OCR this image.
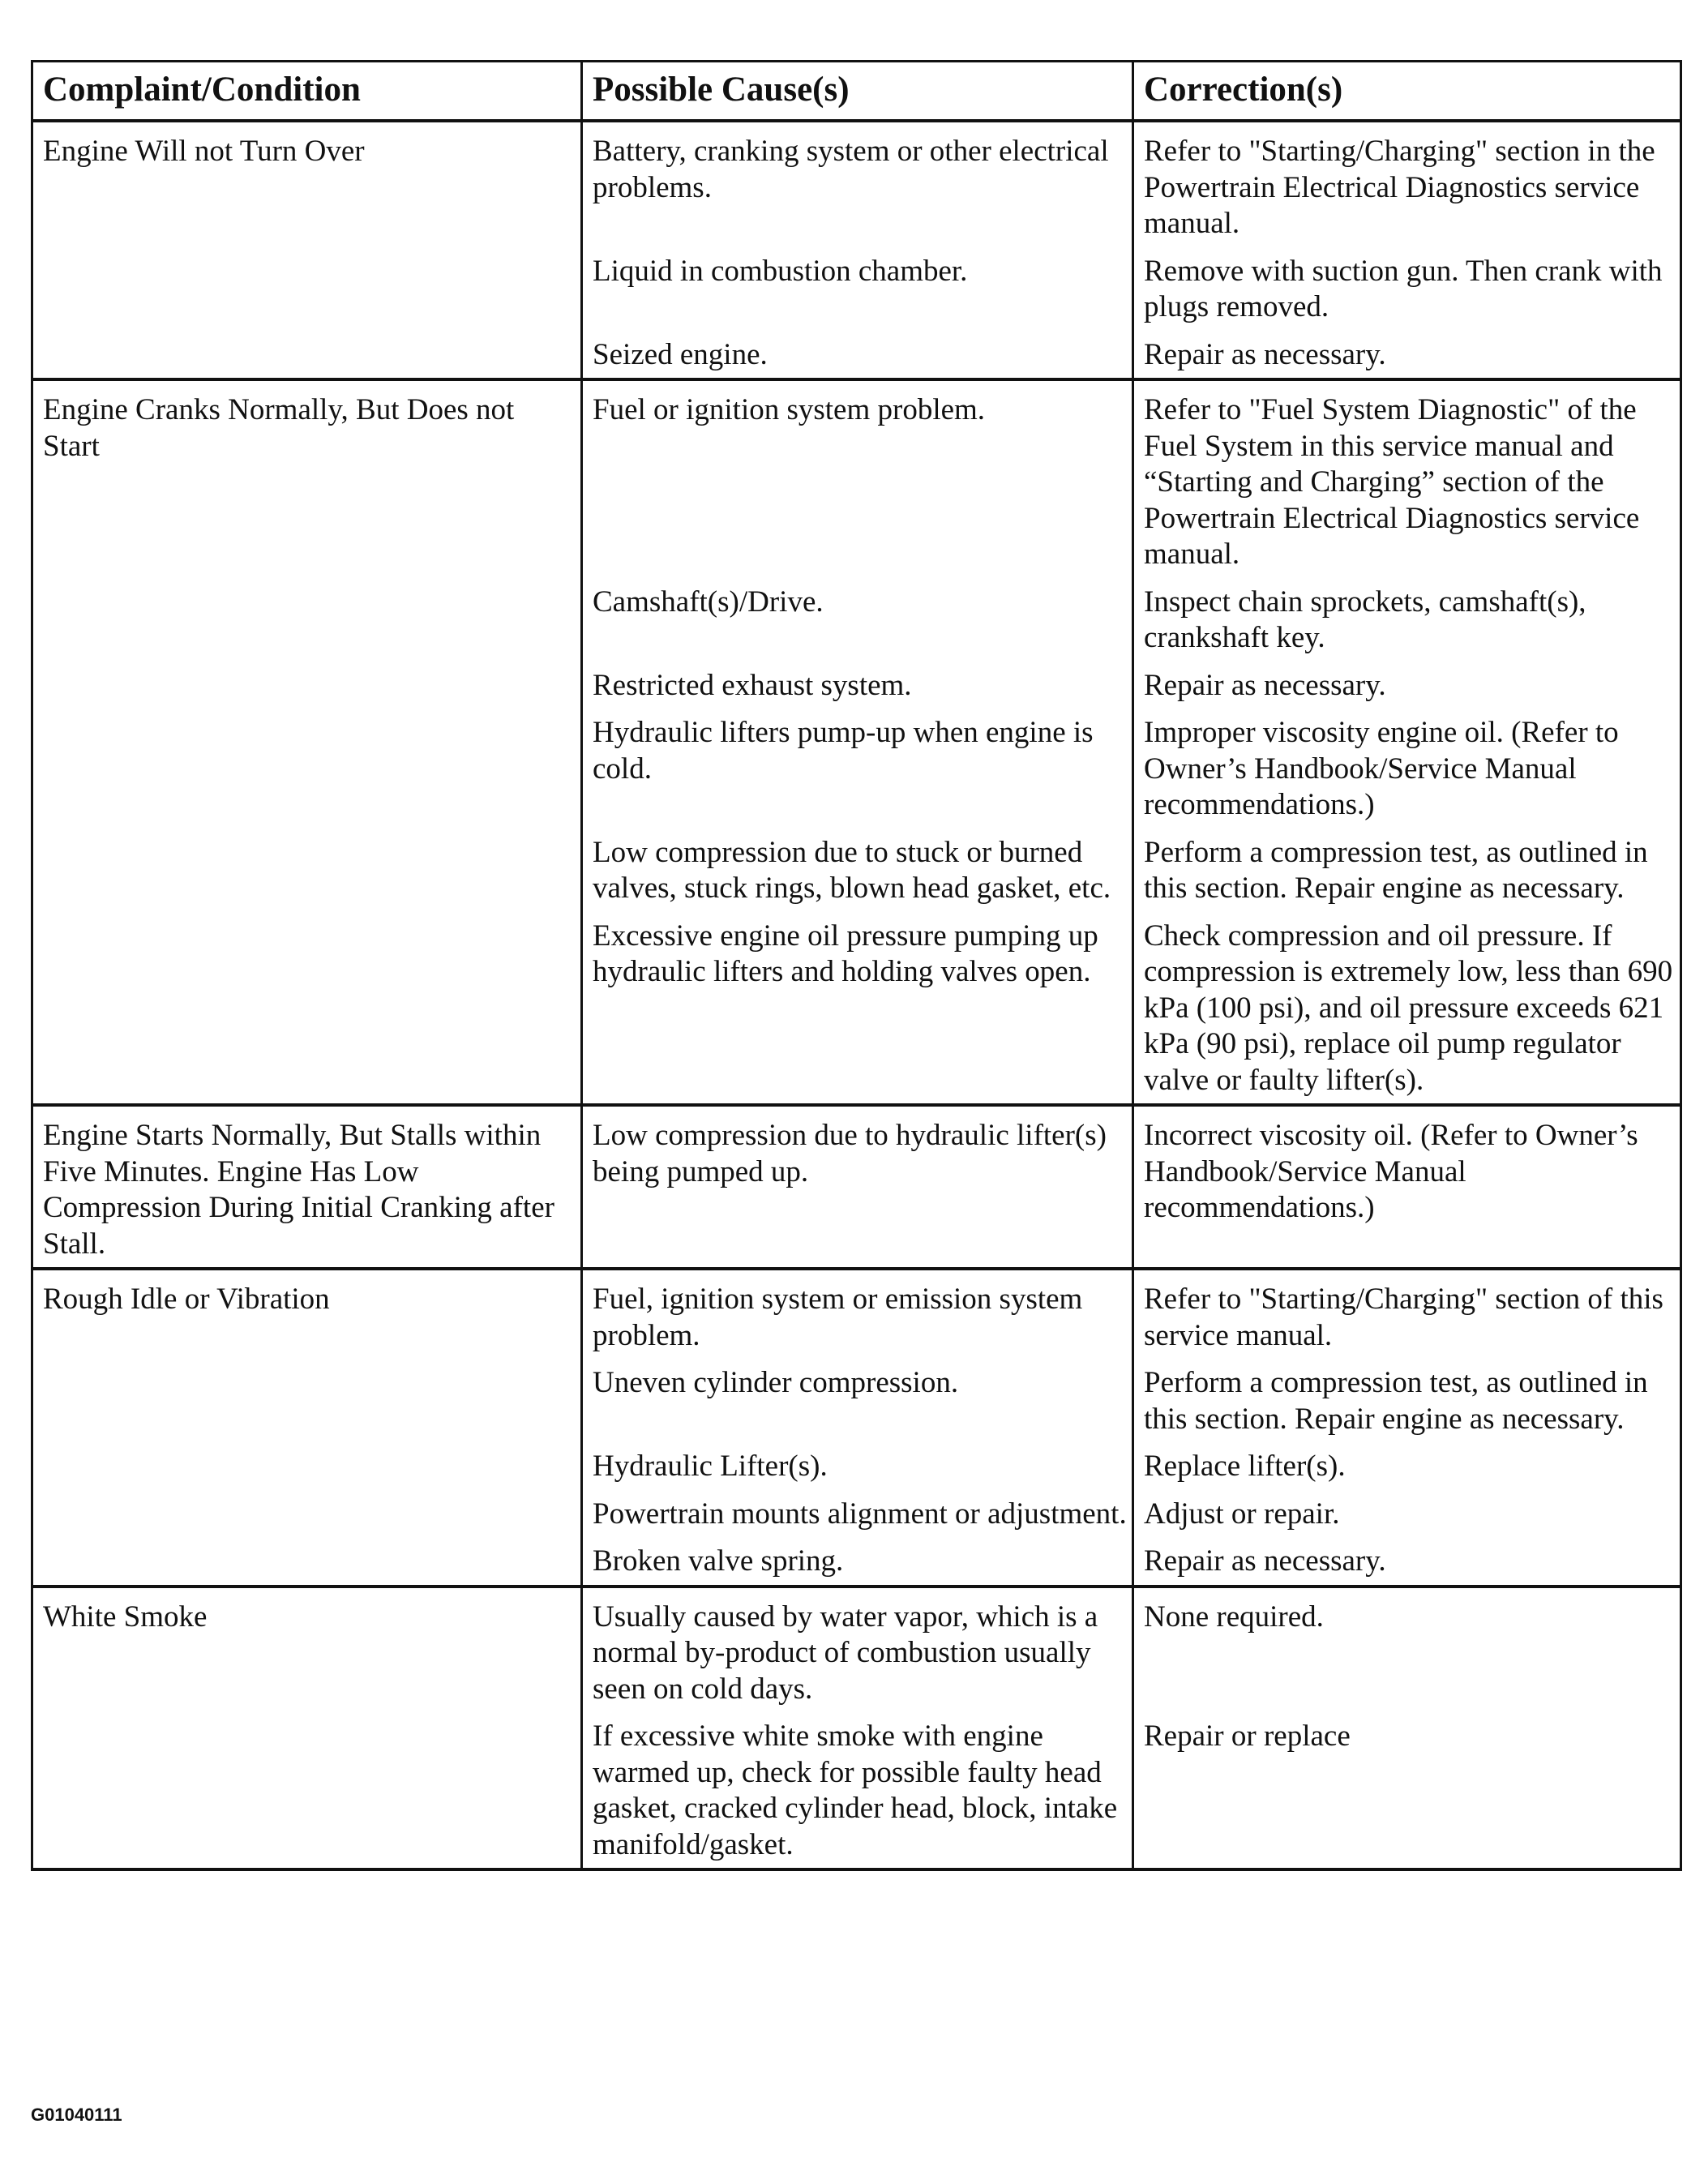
Complaint/Condition	Possible Cause(s)	Correction(s)
Engine Will not Turn Over	Battery, cranking system or other electrical problems.	Refer to "Starting/Charging" section in the Powertrain Electrical Diagnostics service manual.
	Liquid in combustion chamber.	Remove with suction gun. Then crank with plugs removed.
	Seized engine.	Repair as necessary.
Engine Cranks Normally, But Does not Start	Fuel or ignition system problem.	Refer to "Fuel System Diagnostic" of the Fuel System in this service manual and “Starting and Charging” section of the Powertrain Electrical Diagnostics service manual.
	Camshaft(s)/Drive.	Inspect chain sprockets, camshaft(s), crankshaft key.
	Restricted exhaust system.	Repair as necessary.
	Hydraulic lifters pump-up when engine is cold.	Improper viscosity engine oil. (Refer to Owner’s Handbook/Service Manual recommendations.)
	Low compression due to stuck or burned valves, stuck rings, blown head gasket, etc.	Perform a compression test, as outlined in this section. Repair engine as necessary.
	Excessive engine oil pressure pumping up hydraulic lifters and holding valves open.	Check compression and oil pressure. If compression is extremely low, less than 690 kPa (100 psi), and oil pressure exceeds 621 kPa (90 psi), replace oil pump regulator valve or faulty lifter(s).
Engine Starts Normally, But Stalls within Five Minutes. Engine Has Low Compression During Initial Cranking after Stall.	Low compression due to hydraulic lifter(s) being pumped up.	Incorrect viscosity oil. (Refer to Owner’s Handbook/Service Manual recommendations.)
Rough Idle or Vibration	Fuel, ignition system or emission system problem.	Refer to "Starting/Charging" section of this service manual.
	Uneven cylinder compression.	Perform a compression test, as outlined in this section. Repair engine as necessary.
	Hydraulic Lifter(s).	Replace lifter(s).
	Powertrain mounts alignment or adjustment.	Adjust or repair.
	Broken valve spring.	Repair as necessary.
White Smoke	Usually caused by water vapor, which is a normal by-product of combustion usually seen on cold days.	None required.
	If excessive white smoke with engine warmed up, check for possible faulty head gasket, cracked cylinder head, block, intake manifold/gasket.	Repair or replace
G01040111
